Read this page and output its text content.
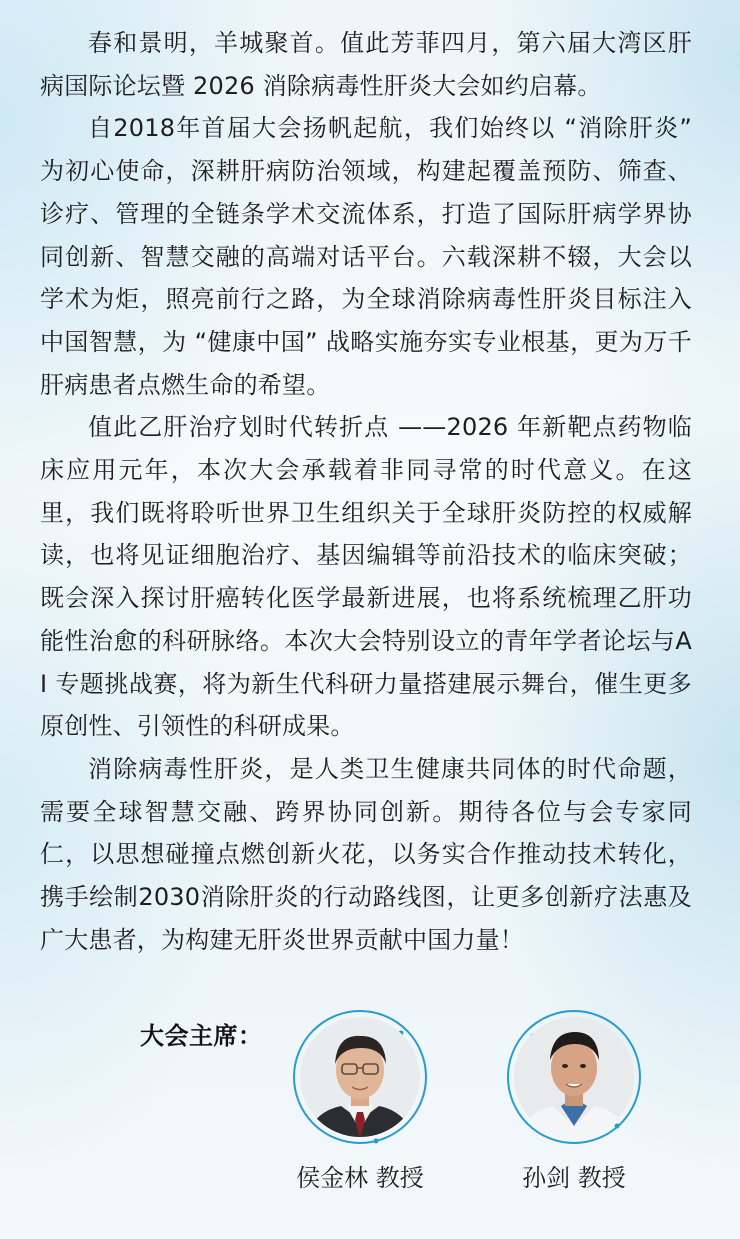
春和景明，羊城聚首。值此芳菲四月，第六届大湾区肝病国际论坛暨 2026 消除病毒性肝炎大会如约启幕。

自2018年首届大会扬帆起航，我们始终以 “消除肝炎” 为初心使命，深耕肝病防治领域，构建起覆盖预防、筛查、诊疗、管理的全链条学术交流体系，打造了国际肝病学界协同创新、智慧交融的高端对话平台。六载深耕不辍，大会以学术为炬，照亮前行之路，为全球消除病毒性肝炎目标注入中国智慧，为 “健康中国” 战略实施夯实专业根基，更为万千肝病患者点燃生命的希望。

值此乙肝治疗划时代转折点 ——2026 年新靶点药物临床应用元年，本次大会承载着非同寻常的时代意义。在这里，我们既将聆听世界卫生组织关于全球肝炎防控的权威解读，也将见证细胞治疗、基因编辑等前沿技术的临床突破；既会深入探讨肝癌转化医学最新进展，也将系统梳理乙肝功能性治愈的科研脉络。本次大会特别设立的青年学者论坛与AI 专题挑战赛，将为新生代科研力量搭建展示舞台，催生更多原创性、引领性的科研成果。

消除病毒性肝炎，是人类卫生健康共同体的时代命题，需要全球智慧交融、跨界协同创新。期待各位与会专家同仁，以思想碰撞点燃创新火花，以务实合作推动技术转化，携手绘制2030消除肝炎的行动路线图，让更多创新疗法惠及广大患者，为构建无肝炎世界贡献中国力量！

大会主席：
侯金林 教授	孙剑 教授
